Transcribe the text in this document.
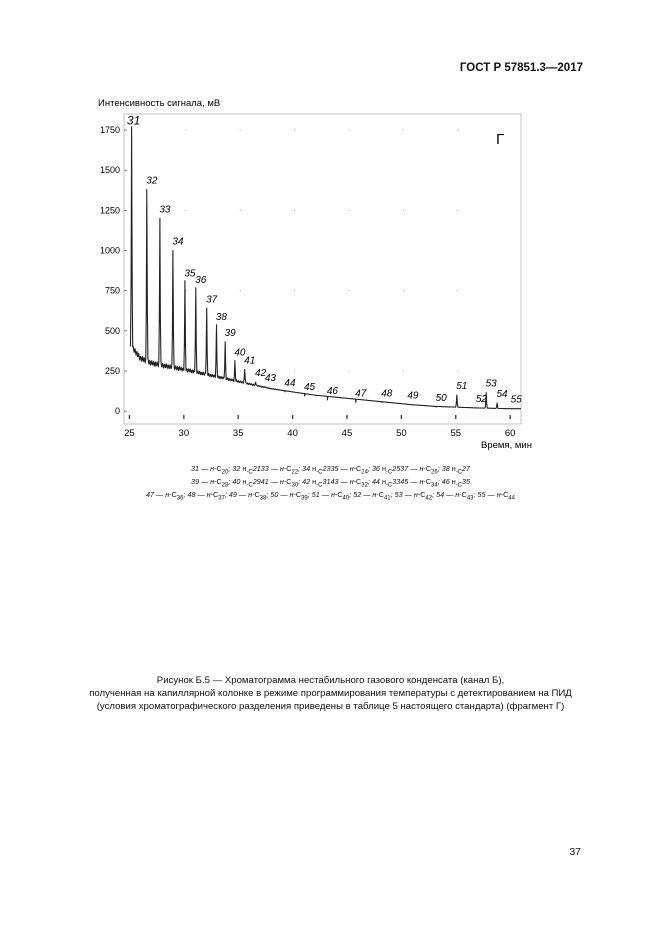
ГОСТ Р 57851.3—2017
0
250
500
750
1000
1250
1500
1750
25	30	35	40	45	50	55	60
31
32
33
34
35
36
37
38
39
40
41
42
43 44 45 46 47 48 49 50
51
52
53
54
55
Интенсивность сигнала, мВ
Время, мин
Г
31 — $н-C_{20}$; 32 $н_{-C}2133$ — $н-C_{22}$; 34 $н_{-C}2335$ — $н-C_{24}$; 36 $н_{-C}2537$ — $н-C_{26}$; 38 $н_{-C}27$
39 — $н-C_{28}$; 40 $н_{-C}2941$ — $н-C_{30}$; 42 $н_{-C}3143$ — $н-C_{32}$; 44 $н_{-C}3345$ — $н-C_{34}$; 46 $н_{-C}35$
47 — $н-C_{36}$; 48 — $н-C_{37}$; 49 — $н-C_{38}$; 50 — $н-C_{39}$; 51 — $н-C_{40}$; 52 — $н-C_{41}$; 53 — $н-C_{42}$; 54 — $н-C_{43}$; 55 — $н-C_{44}$
Рисунок Б.5 — Хроматограмма нестабильного газового конденсата (канал Б),
полученная на капиллярной колонке в режиме программирования температуры с детектированием на ПИД
(условия хроматографического разделения приведены в таблице 5 настоящего стандарта) (фрагмент Г)
37
